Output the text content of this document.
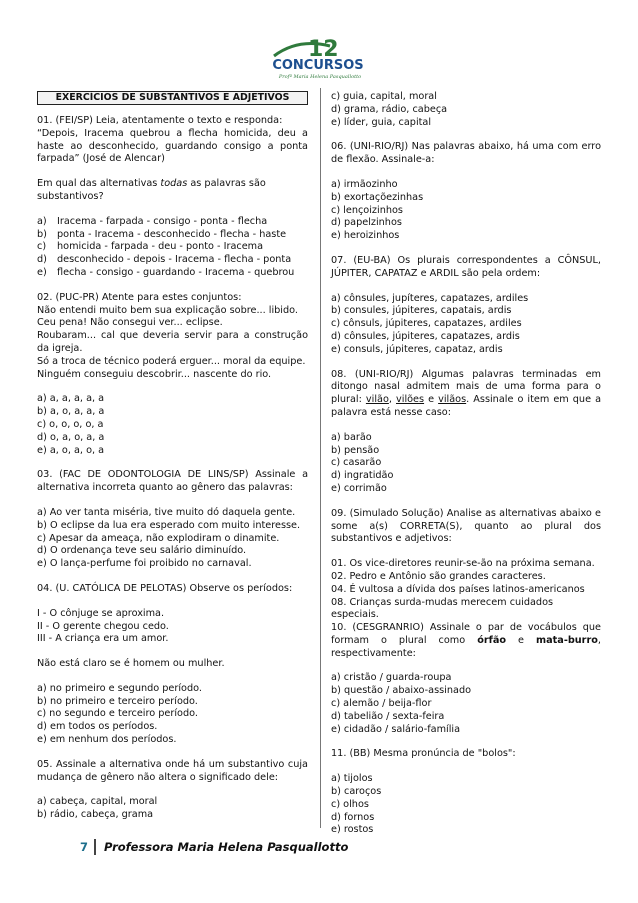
12
CONCURSOS
Profª Maria Helena Pasquallotto
EXERCÍCIOS DE SUBSTANTIVOS E ADJETIVOS

01. (FEI/SP) Leia, atentamente o texto e responda:

“Depois, Iracema quebrou a flecha homicida, deu a haste ao desconhecido, guardando consigo a ponta farpada” (José de Alencar)

Em qual das alternativas todas as palavras são substantivos?

a)	Iracema - farpada - consigo - ponta - flecha
b)	ponta - Iracema - desconhecido - flecha - haste
c)	homicida - farpada - deu - ponto - Iracema
d)	desconhecido - depois - Iracema - flecha - ponta
e)	flecha - consigo - guardando - Iracema - quebrou

02. (PUC-PR) Atente para estes conjuntos:

Não entendi muito bem sua explicação sobre... libido.

Ceu pena! Não consegui ver... eclipse.

Roubaram... cal que deveria servir para a construção da igreja.

Só a troca de técnico poderá erguer... moral da equipe.

Ninguém conseguiu descobrir... nascente do rio.

a) a, a, a, a, a

b) a, o, a, a, a

c) o, o, o, o, a

d) o, a, o, a, a

e) a, o, a, o, a

03. (FAC DE ODONTOLOGIA DE LINS/SP) Assinale a alternativa incorreta quanto ao gênero das palavras:

a) Ao ver tanta miséria, tive muito dó daquela gente.

b) O eclipse da lua era esperado com muito interesse.

c) Apesar da ameaça, não explodiram o dinamite.

d) O ordenança teve seu salário diminuído.

e) O lança-perfume foi proibido no carnaval.

04. (U. CATÓLICA DE PELOTAS) Observe os períodos:

I - O cônjuge se aproxima.

II - O gerente chegou cedo.

III - A criança era um amor.

Não está claro se é homem ou mulher.

a) no primeiro e segundo período.

b) no primeiro e terceiro período.

c) no segundo e terceiro período.

d) em todos os períodos.

e) em nenhum dos períodos.

05. Assinale a alternativa onde há um substantivo cuja mudança de gênero não altera o significado dele:

a) cabeça, capital, moral

b) rádio, cabeça, grama

c) guia, capital, moral

d) grama, rádio, cabeça

e) líder, guia, capital

06. (UNI-RIO/RJ) Nas palavras abaixo, há uma com erro de flexão. Assinale-a:

a) irmãozinho

b) exortaçõezinhas

c) lençoizinhos

d) papelzinhos

e) heroizinhos

07. (EU-BA) Os plurais correspondentes a CÔNSUL, JÚPITER, CAPATAZ e ARDIL são pela ordem:

a) cônsules, jupíteres, capatazes, ardiles

b) consules, júpiteres, capatais, ardis

c) cônsuls, júpiteres, capatazes, ardiles

d) cônsules, júpiteres, capatazes, ardis

e) consuls, júpiteres, capataz, ardis

08. (UNI-RIO/RJ) Algumas palavras terminadas em ditongo nasal admitem mais de uma forma para o plural: vilão, vilões e vilãos. Assinale o item em que a palavra está nesse caso:

a) barão

b) pensão

c) casarão

d) ingratidão

e) corrimão

09. (Simulado Solução) Analise as alternativas abaixo e some a(s) CORRETA(S), quanto ao plural dos substantivos e adjetivos:

01. Os vice-diretores reunir-se-ão na próxima semana.

02. Pedro e Antônio são grandes caracteres.

04. É vultosa a dívida dos países latinos-americanos

08. Crianças surda-mudas merecem cuidados especiais.

10. (CESGRANRIO) Assinale o par de vocábulos que formam o plural como órfão e mata-burro, respectivamente:

a) cristão / guarda-roupa

b) questão / abaixo-assinado

c) alemão / beija-flor

d) tabelião / sexta-feira

e) cidadão / salário-família

11. (BB) Mesma pronúncia de "bolos":

a) tijolos

b) caroços

c) olhos

d) fornos

e) rostos

7 Professora Maria Helena Pasquallotto
